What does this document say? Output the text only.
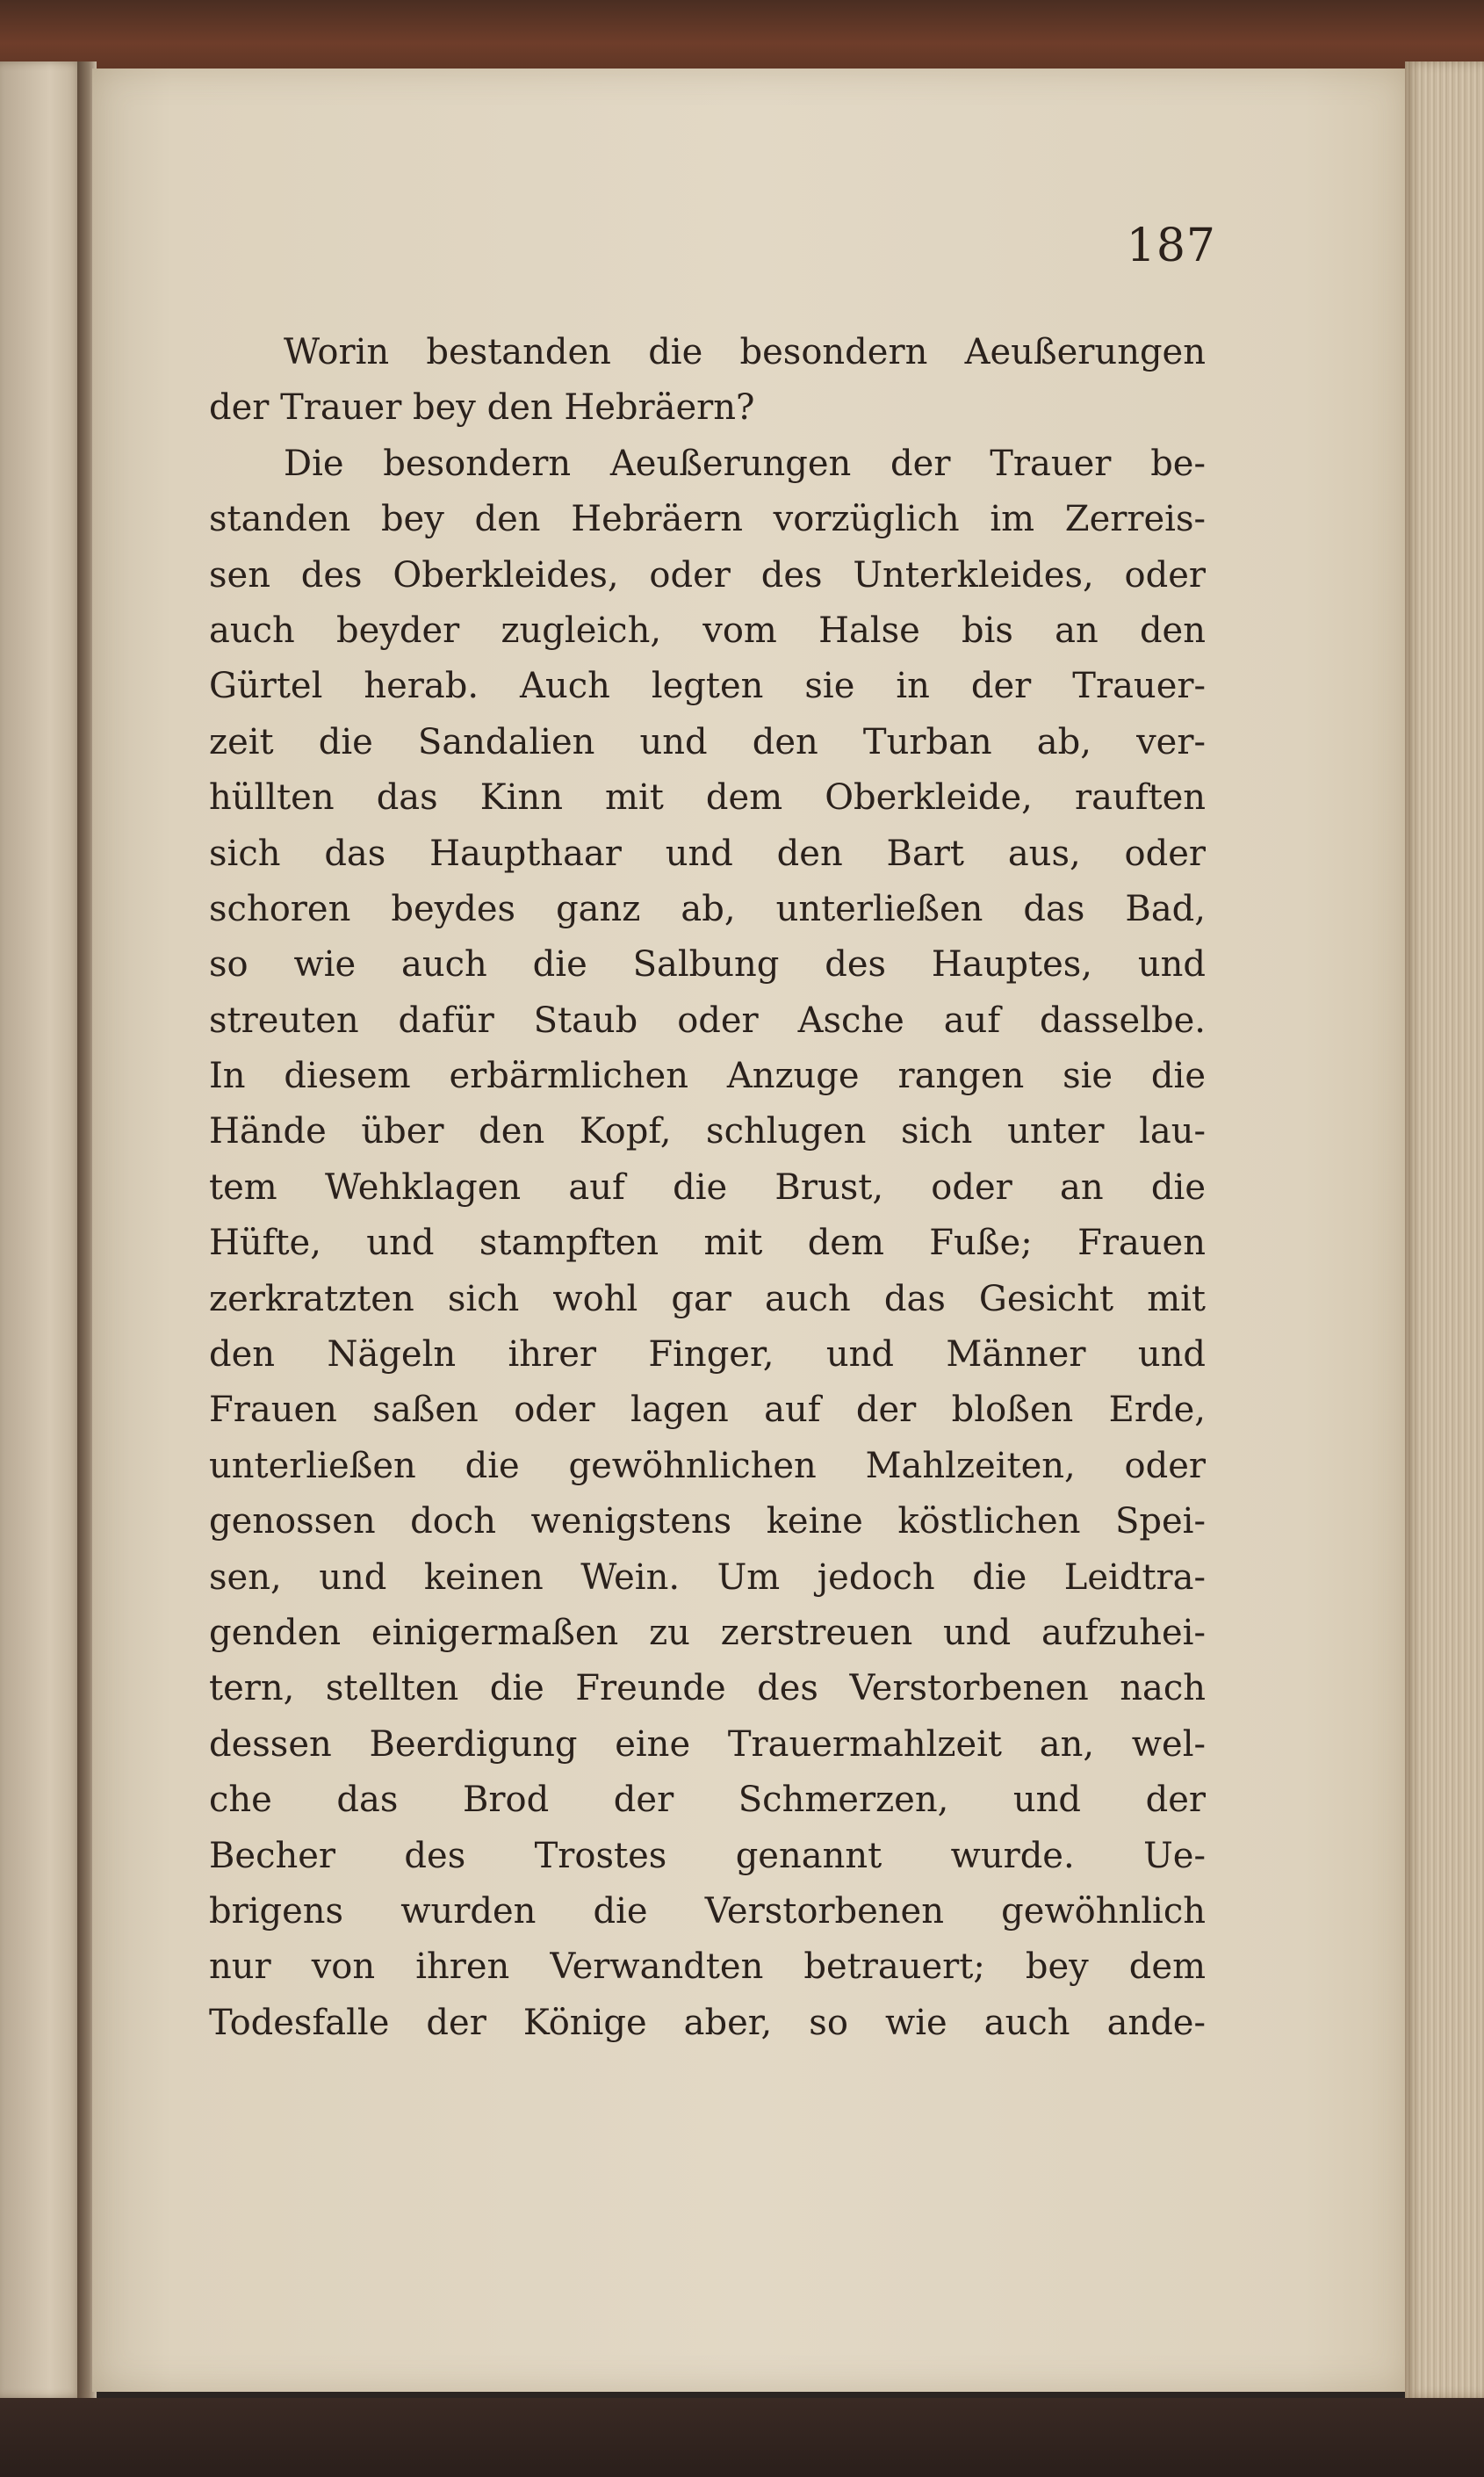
187
Worin bestanden die besondern Aeußerungen
der Trauer bey den Hebräern?
Die besondern Aeußerungen der Trauer be-
standen bey den Hebräern vorzüglich im Zerreis-
sen des Oberkleides, oder des Unterkleides, oder
auch beyder zugleich, vom Halse bis an den
Gürtel herab. Auch legten sie in der Trauer-
zeit die Sandalien und den Turban ab, ver-
hüllten das Kinn mit dem Oberkleide, rauften
sich das Haupthaar und den Bart aus, oder
schoren beydes ganz ab, unterließen das Bad,
so wie auch die Salbung des Hauptes, und
streuten dafür Staub oder Asche auf dasselbe.
In diesem erbärmlichen Anzuge rangen sie die
Hände über den Kopf, schlugen sich unter lau-
tem Wehklagen auf die Brust, oder an die
Hüfte, und stampften mit dem Fuße; Frauen
zerkratzten sich wohl gar auch das Gesicht mit
den Nägeln ihrer Finger, und Männer und
Frauen saßen oder lagen auf der bloßen Erde,
unterließen die gewöhnlichen Mahlzeiten, oder
genossen doch wenigstens keine köstlichen Spei-
sen, und keinen Wein. Um jedoch die Leidtra-
genden einigermaßen zu zerstreuen und aufzuhei-
tern, stellten die Freunde des Verstorbenen nach
dessen Beerdigung eine Trauermahlzeit an, wel-
che das Brod der Schmerzen, und der
Becher des Trostes genannt wurde. Ue-
brigens wurden die Verstorbenen gewöhnlich
nur von ihren Verwandten betrauert; bey dem
Todesfalle der Könige aber, so wie auch ande-
